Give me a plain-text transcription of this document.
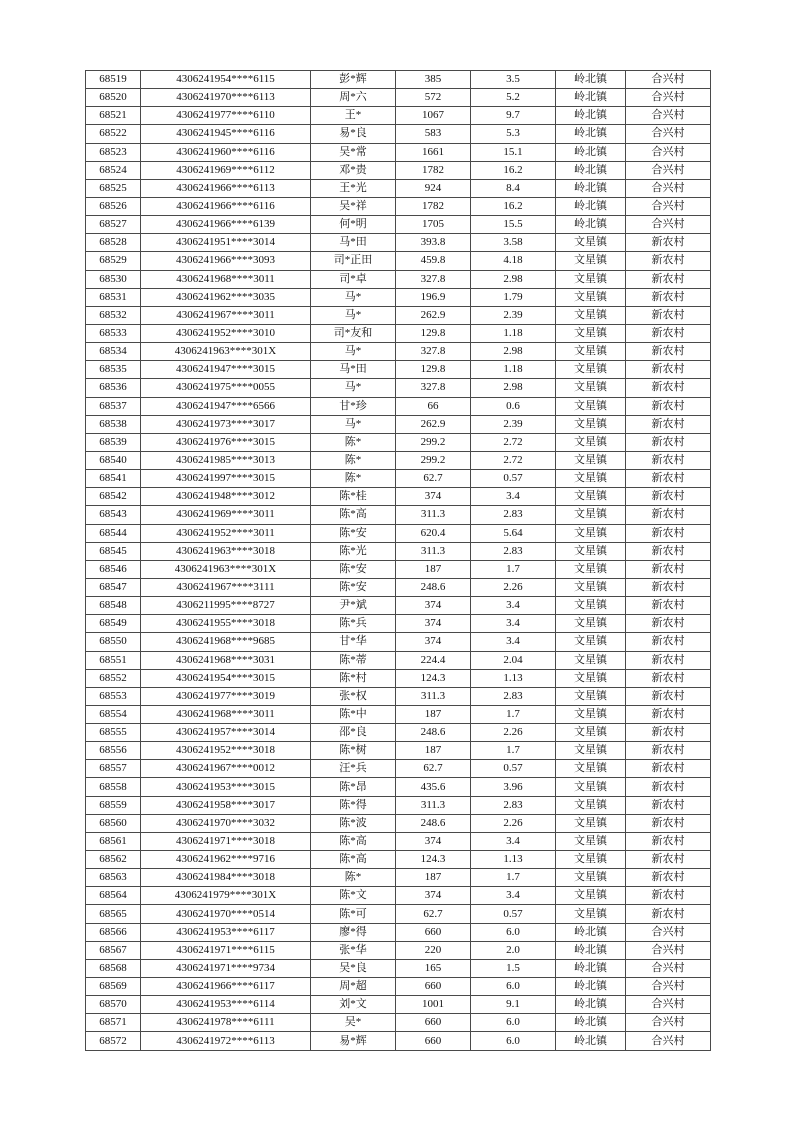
68519	4306241954****6115	彭*辉	385	3.5	岭北镇	合兴村
68520	4306241970****6113	周*六	572	5.2	岭北镇	合兴村
68521	4306241977****6110	王*	1067	9.7	岭北镇	合兴村
68522	4306241945****6116	易*良	583	5.3	岭北镇	合兴村
68523	4306241960****6116	吴*常	1661	15.1	岭北镇	合兴村
68524	4306241969****6112	邓*贵	1782	16.2	岭北镇	合兴村
68525	4306241966****6113	王*光	924	8.4	岭北镇	合兴村
68526	4306241966****6116	吴*祥	1782	16.2	岭北镇	合兴村
68527	4306241966****6139	何*明	1705	15.5	岭北镇	合兴村
68528	4306241951****3014	马*田	393.8	3.58	文星镇	新农村
68529	4306241966****3093	司*正田	459.8	4.18	文星镇	新农村
68530	4306241968****3011	司*卓	327.8	2.98	文星镇	新农村
68531	4306241962****3035	马*	196.9	1.79	文星镇	新农村
68532	4306241967****3011	马*	262.9	2.39	文星镇	新农村
68533	4306241952****3010	司*友和	129.8	1.18	文星镇	新农村
68534	4306241963****301X	马*	327.8	2.98	文星镇	新农村
68535	4306241947****3015	马*田	129.8	1.18	文星镇	新农村
68536	4306241975****0055	马*	327.8	2.98	文星镇	新农村
68537	4306241947****6566	甘*珍	66	0.6	文星镇	新农村
68538	4306241973****3017	马*	262.9	2.39	文星镇	新农村
68539	4306241976****3015	陈*	299.2	2.72	文星镇	新农村
68540	4306241985****3013	陈*	299.2	2.72	文星镇	新农村
68541	4306241997****3015	陈*	62.7	0.57	文星镇	新农村
68542	4306241948****3012	陈*桂	374	3.4	文星镇	新农村
68543	4306241969****3011	陈*高	311.3	2.83	文星镇	新农村
68544	4306241952****3011	陈*安	620.4	5.64	文星镇	新农村
68545	4306241963****3018	陈*光	311.3	2.83	文星镇	新农村
68546	4306241963****301X	陈*安	187	1.7	文星镇	新农村
68547	4306241967****3111	陈*安	248.6	2.26	文星镇	新农村
68548	4306211995****8727	尹*斌	374	3.4	文星镇	新农村
68549	4306241955****3018	陈*兵	374	3.4	文星镇	新农村
68550	4306241968****9685	甘*华	374	3.4	文星镇	新农村
68551	4306241968****3031	陈*蒂	224.4	2.04	文星镇	新农村
68552	4306241954****3015	陈*村	124.3	1.13	文星镇	新农村
68553	4306241977****3019	张*权	311.3	2.83	文星镇	新农村
68554	4306241968****3011	陈*中	187	1.7	文星镇	新农村
68555	4306241957****3014	邵*良	248.6	2.26	文星镇	新农村
68556	4306241952****3018	陈*树	187	1.7	文星镇	新农村
68557	4306241967****0012	汪*兵	62.7	0.57	文星镇	新农村
68558	4306241953****3015	陈*昂	435.6	3.96	文星镇	新农村
68559	4306241958****3017	陈*得	311.3	2.83	文星镇	新农村
68560	4306241970****3032	陈*波	248.6	2.26	文星镇	新农村
68561	4306241971****3018	陈*高	374	3.4	文星镇	新农村
68562	4306241962****9716	陈*高	124.3	1.13	文星镇	新农村
68563	4306241984****3018	陈*	187	1.7	文星镇	新农村
68564	4306241979****301X	陈*文	374	3.4	文星镇	新农村
68565	4306241970****0514	陈*可	62.7	0.57	文星镇	新农村
68566	4306241953****6117	廖*得	660	6.0	岭北镇	合兴村
68567	4306241971****6115	张*华	220	2.0	岭北镇	合兴村
68568	4306241971****9734	吴*良	165	1.5	岭北镇	合兴村
68569	4306241966****6117	周*超	660	6.0	岭北镇	合兴村
68570	4306241953****6114	刘*文	1001	9.1	岭北镇	合兴村
68571	4306241978****6111	吴*	660	6.0	岭北镇	合兴村
68572	4306241972****6113	易*辉	660	6.0	岭北镇	合兴村
